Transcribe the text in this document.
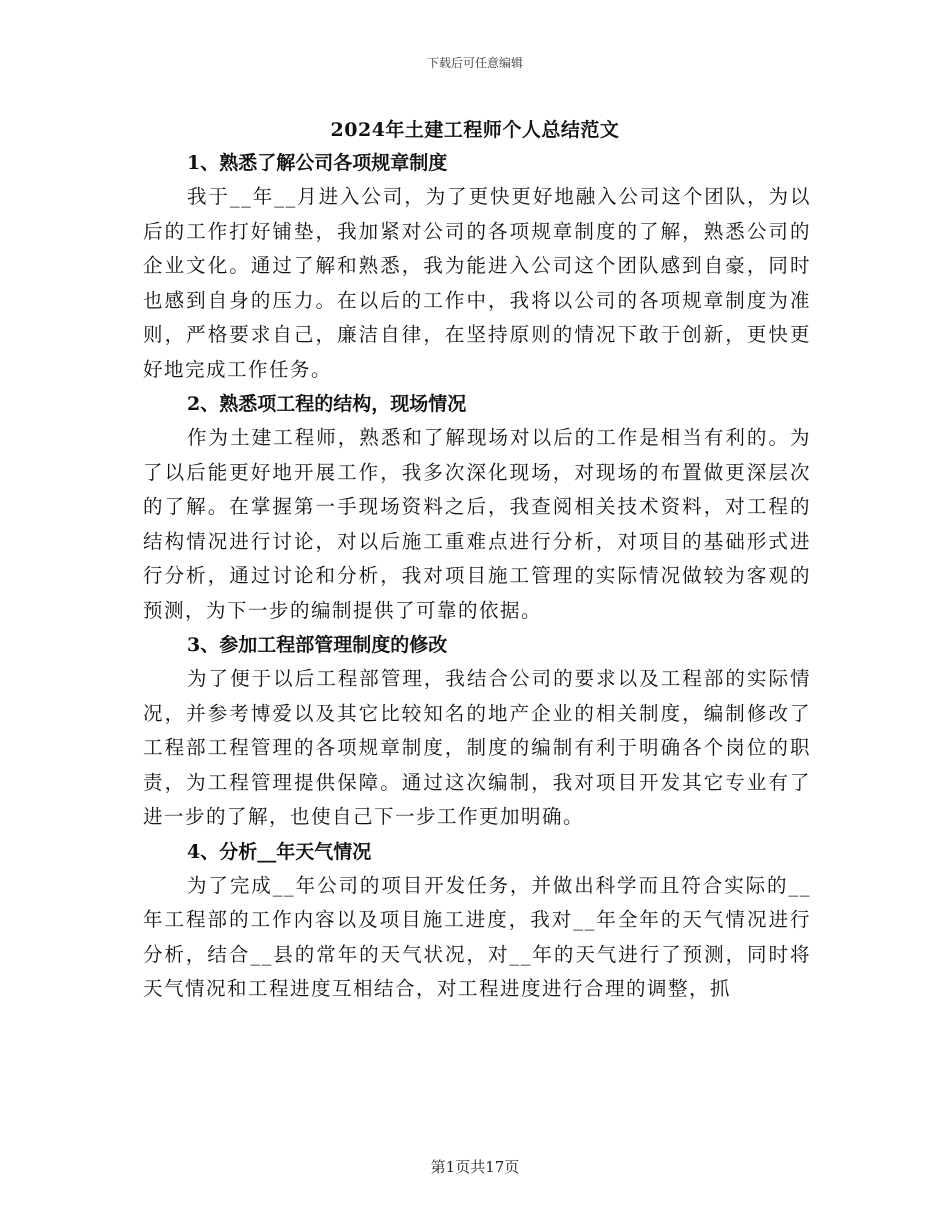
下载后可任意编辑
2024年土建工程师个人总结范文

1、熟悉了解公司各项规章制度

我于__年__月进入公司，为了更快更好地融入公司这个团队，为以后的工作打好铺垫，我加紧对公司的各项规章制度的了解，熟悉公司的企业文化。通过了解和熟悉，我为能进入公司这个团队感到自豪，同时也感到自身的压力。在以后的工作中，我将以公司的各项规章制度为准则，严格要求自己，廉洁自律，在坚持原则的情况下敢于创新，更快更好地完成工作任务。

2、熟悉项工程的结构，现场情况

作为土建工程师，熟悉和了解现场对以后的工作是相当有利的。为了以后能更好地开展工作，我多次深化现场，对现场的布置做更深层次的了解。在掌握第一手现场资料之后，我查阅相关技术资料，对工程的结构情况进行讨论，对以后施工重难点进行分析，对项目的基础形式进行分析，通过讨论和分析，我对项目施工管理的实际情况做较为客观的预测，为下一步的编制提供了可靠的依据。

3、参加工程部管理制度的修改

为了便于以后工程部管理，我结合公司的要求以及工程部的实际情况，并参考博爱以及其它比较知名的地产企业的相关制度，编制修改了工程部工程管理的各项规章制度，制度的编制有利于明确各个岗位的职责，为工程管理提供保障。通过这次编制，我对项目开发其它专业有了进一步的了解，也使自己下一步工作更加明确。

4、分析__年天气情况

为了完成__年公司的项目开发任务，并做出科学而且符合实际的__年工程部的工作内容以及项目施工进度，我对__年全年的天气情况进行分析，结合__县的常年的天气状况，对__年的天气进行了预测，同时将天气情况和工程进度互相结合，对工程进度进行合理的调整，抓

第1页共17页
